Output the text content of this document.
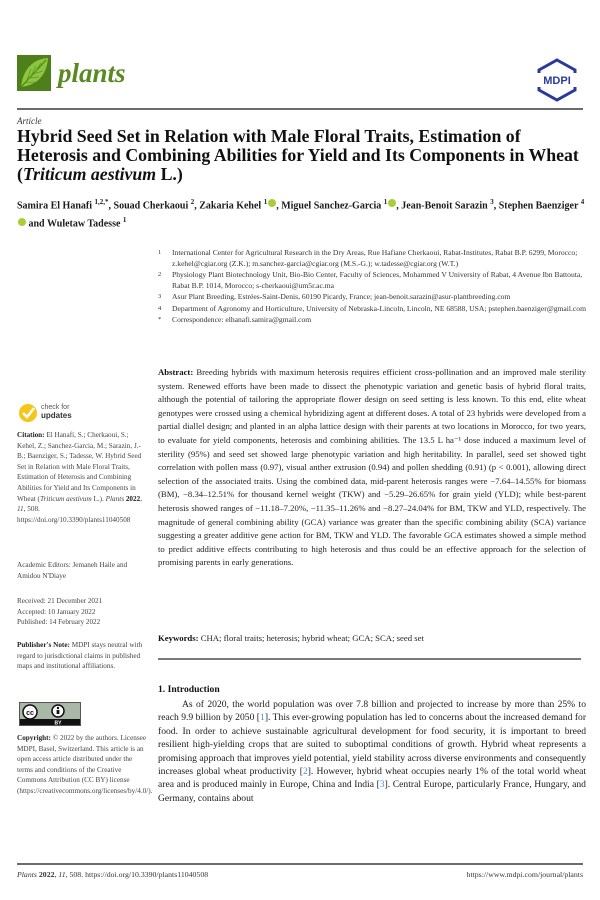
plants	MDPI
Article
Hybrid Seed Set in Relation with Male Floral Traits, Estimation of Heterosis and Combining Abilities for Yield and Its Components in Wheat (Triticum aestivum L.)
Samira El Hanafi $^{1,2,*}$, Souad Cherkaoui $^2$, Zakaria Kehel $^1$ , Miguel Sanchez-Garcia $^1$ , Jean-Benoit Sarazin $^3$, Stephen Baenziger $^4$ and Wuletaw Tadesse $^1$
1 International Center for Agricultural Research in the Dry Areas, Rue Hafiane Cherkaoui, Rabat-Institutes, Rabat B.P. 6299, Morocco; z.kehel@cgiar.org (Z.K.); m.sanchez-garcia@cgiar.org (M.S.-G.); w.tadesse@cgiar.org (W.T.)
2 Physiology Plant Biotechnology Unit, Bio-Bio Center, Faculty of Sciences, Mohammed V University of Rabat, 4 Avenue Ibn Battouta, Rabat B.P. 1014, Morocco; s-cherkaoui@um5r.ac.ma
3 Asur Plant Breeding, Estrées-Saint-Denis, 60190 Picardy, France; jean-benoit.sarazin@asur-plantbreeding.com
4 Department of Agronomy and Horticulture, University of Nebraska-Lincoln, Lincoln, NE 68588, USA; pstephen.baenziger@gmail.com
* Correspondence: elhanafi.samira@gmail.com
Abstract: Breeding hybrids with maximum heterosis requires efficient cross-pollination and an improved male sterility system. Renewed efforts have been made to dissect the phenotypic variation and genetic basis of hybrid floral traits, although the potential of tailoring the appropriate flower design on seed setting is less known. To this end, elite wheat genotypes were crossed using a chemical hybridizing agent at different doses. A total of 23 hybrids were developed from a partial diallel design; and planted in an alpha lattice design with their parents at two locations in Morocco, for two years, to evaluate for yield components, heterosis and combining abilities. The 13.5 L ha⁻¹ dose induced a maximum level of sterility (95%) and seed set showed large phenotypic variation and high heritability. In parallel, seed set showed tight correlation with pollen mass (0.97), visual anther extrusion (0.94) and pollen shedding (0.91) (p < 0.001), allowing direct selection of the associated traits. Using the combined data, mid-parent heterosis ranges were −7.64–14.55% for biomass (BM), −8.34–12.51% for thousand kernel weight (TKW) and −5.29–26.65% for grain yield (YLD); while best-parent heterosis showed ranges of −11.18–7.20%, −11.35–11.26% and −8.27–24.04% for BM, TKW and YLD, respectively. The magnitude of general combining ability (GCA) variance was greater than the specific combining ability (SCA) variance suggesting a greater additive gene action for BM, TKW and YLD. The favorable GCA estimates showed a simple method to predict additive effects contributing to high heterosis and thus could be an effective approach for the selection of promising parents in early generations.
Keywords: CHA; floral traits; heterosis; hybrid wheat; GCA; SCA; seed set
1. Introduction
As of 2020, the world population was over 7.8 billion and projected to increase by more than 25% to reach 9.9 billion by 2050 [1]. This ever-growing population has led to concerns about the increased demand for food. In order to achieve sustainable agricultural development for food security, it is important to breed resilient high-yielding crops that are suited to suboptimal conditions of growth. Hybrid wheat represents a promising approach that improves yield potential, yield stability across diverse environments and consequently increases global wheat productivity [2]. However, hybrid wheat occupies nearly 1% of the total world wheat area and is produced mainly in Europe, China and India [3]. Central Europe, particularly France, Hungary, and Germany, contains about
check for
updates
Citation: El Hanafi, S.; Cherkaoui, S.; Kehel, Z.; Sanchez-Garcia, M.; Sarazin, J.-B.; Baenziger, S.; Tadesse, W. Hybrid Seed Set in Relation with Male Floral Traits, Estimation of Heterosis and Combining Abilities for Yield and Its Components in Wheat (Triticum aestivum L.). Plants 2022, 11, 508. https://doi.org/10.3390/plants11040508
Academic Editors: Jemaneh Haile and Amidou N'Diaye
Received: 21 December 2021
Accepted: 10 January 2022
Published: 14 February 2022
Publisher's Note: MDPI stays neutral with regard to jurisdictional claims in published maps and institutional affiliations.
cc
BY
Copyright: © 2022 by the authors. Licensee MDPI, Basel, Switzerland. This article is an open access article distributed under the terms and conditions of the Creative Commons Attribution (CC BY) license (https://creativecommons.org/licenses/by/4.0/).
Plants 2022, 11, 508. https://doi.org/10.3390/plants11040508	https://www.mdpi.com/journal/plants
